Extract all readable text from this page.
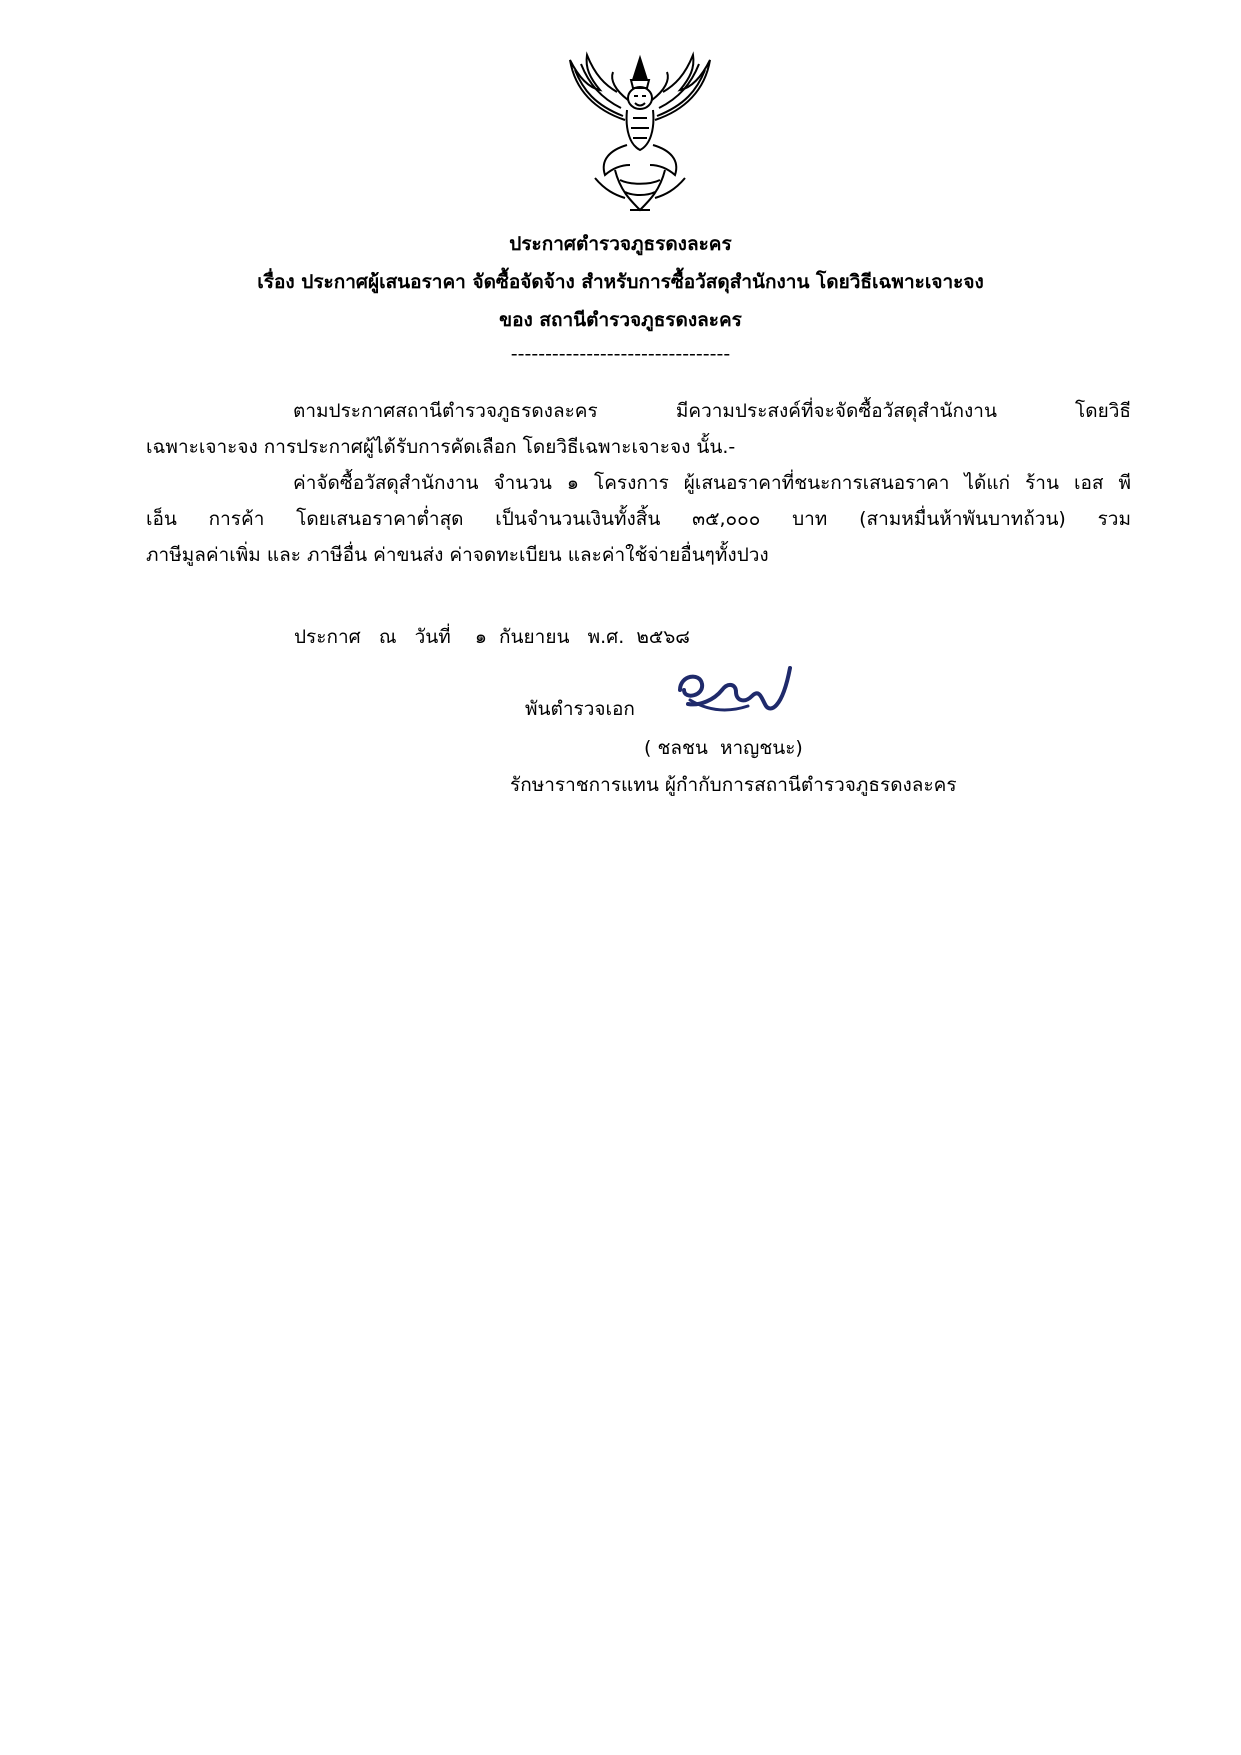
ประกาศตำรวจภูธรดงละคร
เรื่อง ประกาศผู้เสนอราคา จัดซื้อจัดจ้าง สำหรับการซื้อวัสดุสำนักงาน โดยวิธีเฉพาะเจาะจง
ของ สถานีตำรวจภูธรดงละคร
--------------------------------
ตามประกาศสถานีตำรวจภูธรดงละคร มีความประสงค์ที่จะจัดซื้อวัสดุสำนักงาน โดยวิธี
เฉพาะเจาะจง การประกาศผู้ได้รับการคัดเลือก โดยวิธีเฉพาะเจาะจง นั้น.-
ค่าจัดซื้อวัสดุสำนักงาน จำนวน ๑ โครงการ ผู้เสนอราคาที่ชนะการเสนอราคา ได้แก่ ร้าน เอส พี
เอ็น การค้า โดยเสนอราคาต่ำสุด เป็นจำนวนเงินทั้งสิ้น ๓๕,๐๐๐ บาท (สามหมื่นห้าพันบาทถ้วน) รวม
ภาษีมูลค่าเพิ่ม และ ภาษีอื่น ค่าขนส่ง ค่าจดทะเบียน และค่าใช้จ่ายอื่นๆทั้งปวง
ประกาศ   ณ   วันที่    ๑  กันยายน   พ.ศ.  ๒๕๖๘
พันตำรวจเอก
( ชลชน  หาญชนะ)
รักษาราชการแทน ผู้กำกับการสถานีตำรวจภูธรดงละคร
